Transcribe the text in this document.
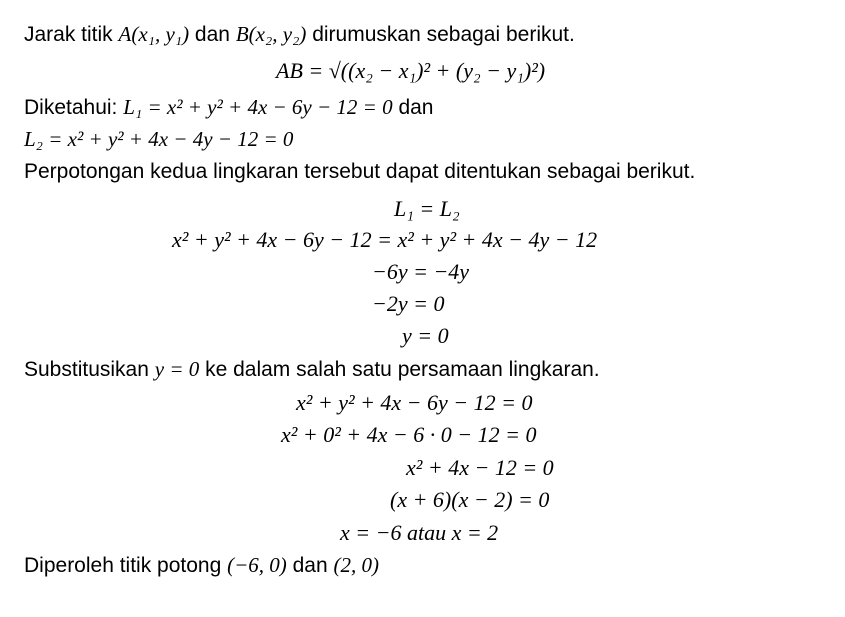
Jarak titik A(x₁, y₁) dan B(x₂, y₂) dirumuskan sebagai berikut.
AB = √((x₂ − x₁)² + (y₂ − y₁)²)
Diketahui: L₁ = x² + y² + 4x − 6y − 12 = 0 dan
L₂ = x² + y² + 4x − 4y − 12 = 0
Perpotongan kedua lingkaran tersebut dapat ditentukan sebagai berikut.
L₁ = L₂
x² + y² + 4x − 6y − 12 = x² + y² + 4x − 4y − 12
−6y = −4y
−2y = 0
y = 0
Substitusikan y = 0 ke dalam salah satu persamaan lingkaran.
x² + y² + 4x − 6y − 12 = 0
x² + 0² + 4x − 6 · 0 − 12 = 0
x² + 4x − 12 = 0
(x + 6)(x − 2) = 0
x = −6 atau x = 2
Diperoleh titik potong (−6, 0) dan (2, 0)
